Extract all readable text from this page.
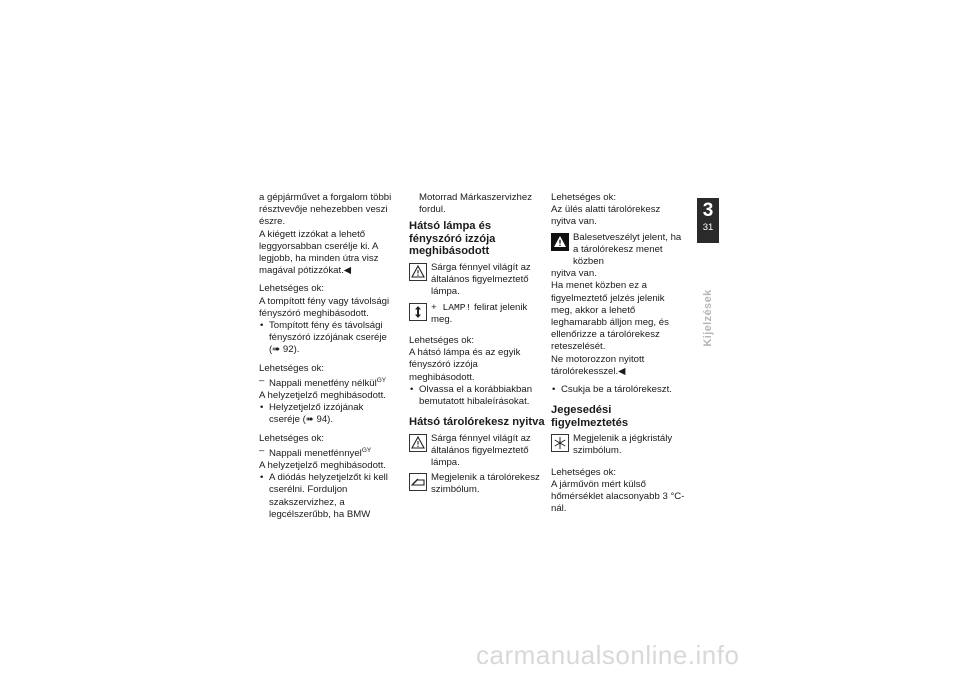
a gépjárművet a forgalom többi résztvevője nehezebben veszi észre.

A kiégett izzókat a lehető leggyorsabban cserélje ki. A legjobb, ha minden útra visz magával pótizzókat.◀

Lehetséges ok:

A tompított fény vagy távolsági fényszóró meghibásodott.

• Tompított fény és távolsági fényszóró izzójának cseréje (➠ 92).

Lehetséges ok:

– Nappali menetfény nélkül$^{GY}$

A helyzetjelző meghibásodott.

• Helyzetjelző izzójának cseréje (➠ 94).

Lehetséges ok:

– Nappali menetfénnyel$^{GY}$

A helyzetjelző meghibásodott.

• A diódás helyzetjelzőt ki kell cserélni. Forduljon szakszervizhez, a legcélszerűbb, ha BMW

Motorrad Márkaszervizhez fordul.

Hátsó lámpa és fényszóró izzója meghibásodott
Sárga fénnyel világít az általános figyelmeztető lámpa.
+ LAMP! felirat jelenik meg.

Lehetséges ok:

A hátsó lámpa és az egyik fényszóró izzója meghibásodott.

• Olvassa el a korábbiakban bemutatott hibaleírásokat.

Hátsó tárolórekesz nyitva
Sárga fénnyel világít az általános figyelmeztető lámpa.
Megjelenik a tárolórekesz szimbólum.

Lehetséges ok:

Az ülés alatti tárolórekesz nyitva van.

Balesetveszélyt jelent, ha a tárolórekesz menet közben

nyitva van.

Ha menet közben ez a figyelmeztető jelzés jelenik meg, akkor a lehető leghamarabb álljon meg, és ellenőrizze a tárolórekesz reteszelését.

Ne motorozzon nyitott tárolórekesszel.◀

• Csukja be a tárolórekeszt.

Jegesedési figyelmeztetés
Megjelenik a jégkristály szimbólum.

Lehetséges ok:

A járművön mért külső hőmérséklet alacsonyabb 3 °C-nál.

3
31
Kijelzések
carmanualsonline.info
